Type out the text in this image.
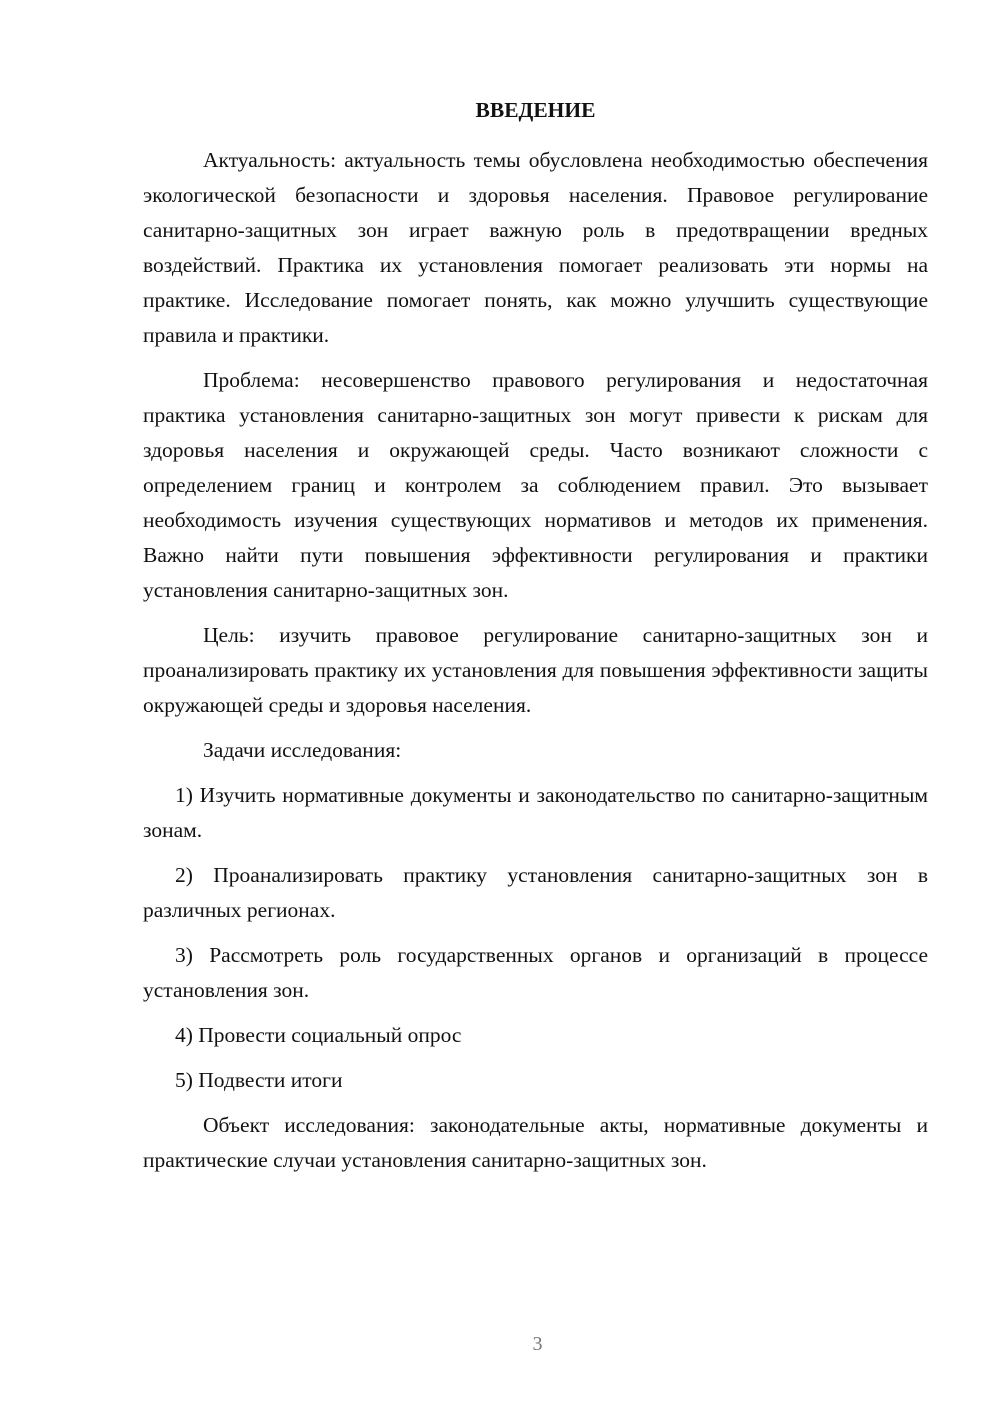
ВВЕДЕНИЕ

Актуальность: актуальность темы обусловлена необходимостью обеспечения экологической безопасности и здоровья населения. Правовое регулирование санитарно-защитных зон играет важную роль в предотвращении вредных воздействий. Практика их установления помогает реализовать эти нормы на практике. Исследование помогает понять, как можно улучшить существующие правила и практики.

Проблема: несовершенство правового регулирования и недостаточная практика установления санитарно-защитных зон могут привести к рискам для здоровья населения и окружающей среды. Часто возникают сложности с определением границ и контролем за соблюдением правил. Это вызывает необходимость изучения существующих нормативов и методов их применения. Важно найти пути повышения эффективности регулирования и практики установления санитарно-защитных зон.

Цель: изучить правовое регулирование санитарно-защитных зон и проанализировать практику их установления для повышения эффективности защиты окружающей среды и здоровья населения.

Задачи исследования:

1) Изучить нормативные документы и законодательство по санитарно-защитным зонам.

2) Проанализировать практику установления санитарно-защитных зон в различных регионах.

3) Рассмотреть роль государственных органов и организаций в процессе установления зон.

4) Провести социальный опрос

5) Подвести итоги

Объект исследования: законодательные акты, нормативные документы и практические случаи установления санитарно-защитных зон.

3
